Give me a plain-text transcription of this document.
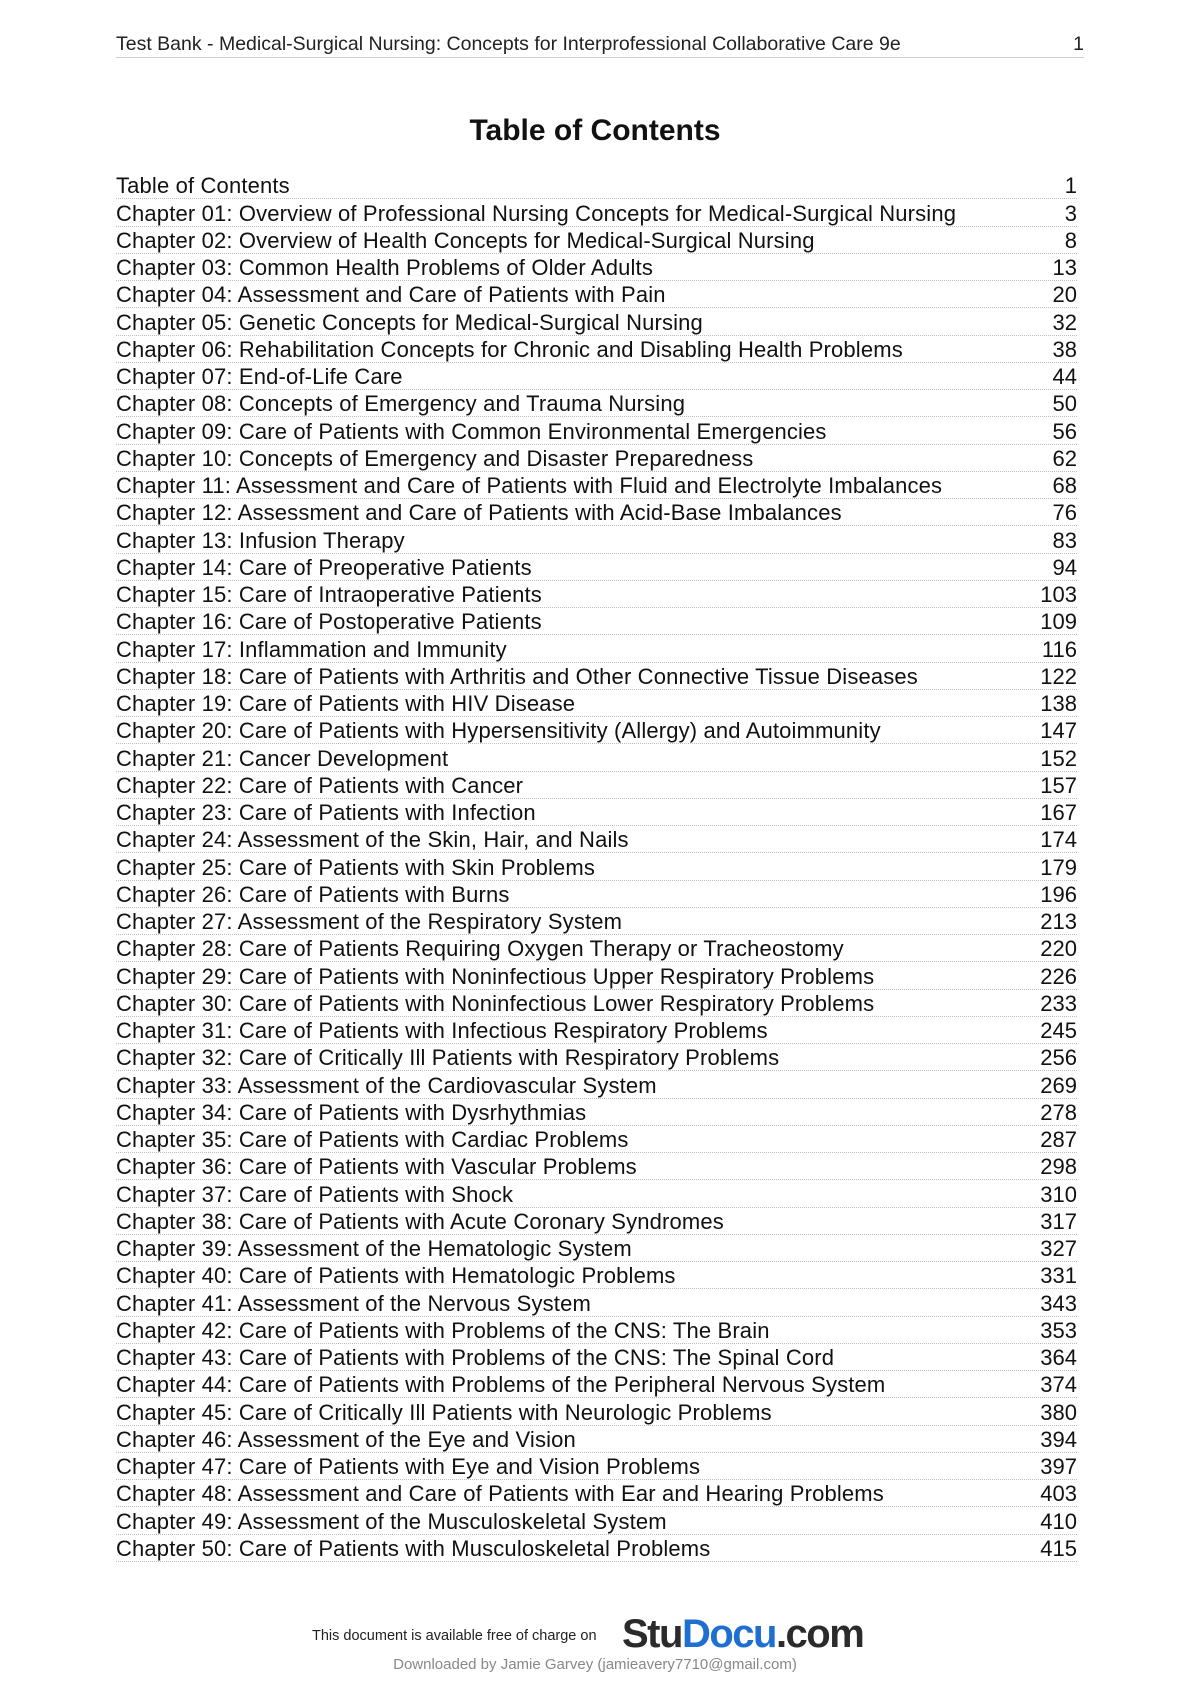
Test Bank - Medical-Surgical Nursing: Concepts for Interprofessional Collaborative Care 9e	1
Table of Contents
Table of Contents	1
Chapter 01: Overview of Professional Nursing Concepts for Medical-Surgical Nursing	3
Chapter 02: Overview of Health Concepts for Medical-Surgical Nursing	8
Chapter 03: Common Health Problems of Older Adults	13
Chapter 04: Assessment and Care of Patients with Pain	20
Chapter 05: Genetic Concepts for Medical-Surgical Nursing	32
Chapter 06: Rehabilitation Concepts for Chronic and Disabling Health Problems	38
Chapter 07: End-of-Life Care	44
Chapter 08: Concepts of Emergency and Trauma Nursing	50
Chapter 09: Care of Patients with Common Environmental Emergencies	56
Chapter 10: Concepts of Emergency and Disaster Preparedness	62
Chapter 11: Assessment and Care of Patients with Fluid and Electrolyte Imbalances	68
Chapter 12: Assessment and Care of Patients with Acid-Base Imbalances	76
Chapter 13: Infusion Therapy	83
Chapter 14: Care of Preoperative Patients	94
Chapter 15: Care of Intraoperative Patients	103
Chapter 16: Care of Postoperative Patients	109
Chapter 17: Inflammation and Immunity	116
Chapter 18: Care of Patients with Arthritis and Other Connective Tissue Diseases	122
Chapter 19: Care of Patients with HIV Disease	138
Chapter 20: Care of Patients with Hypersensitivity (Allergy) and Autoimmunity	147
Chapter 21: Cancer Development	152
Chapter 22: Care of Patients with Cancer	157
Chapter 23: Care of Patients with Infection	167
Chapter 24: Assessment of the Skin, Hair, and Nails	174
Chapter 25: Care of Patients with Skin Problems	179
Chapter 26: Care of Patients with Burns	196
Chapter 27: Assessment of the Respiratory System	213
Chapter 28: Care of Patients Requiring Oxygen Therapy or Tracheostomy	220
Chapter 29: Care of Patients with Noninfectious Upper Respiratory Problems	226
Chapter 30: Care of Patients with Noninfectious Lower Respiratory Problems	233
Chapter 31: Care of Patients with Infectious Respiratory Problems	245
Chapter 32: Care of Critically Ill Patients with Respiratory Problems	256
Chapter 33: Assessment of the Cardiovascular System	269
Chapter 34: Care of Patients with Dysrhythmias	278
Chapter 35: Care of Patients with Cardiac Problems	287
Chapter 36: Care of Patients with Vascular Problems	298
Chapter 37: Care of Patients with Shock	310
Chapter 38: Care of Patients with Acute Coronary Syndromes	317
Chapter 39: Assessment of the Hematologic System	327
Chapter 40: Care of Patients with Hematologic Problems	331
Chapter 41: Assessment of the Nervous System	343
Chapter 42: Care of Patients with Problems of the CNS: The Brain	353
Chapter 43: Care of Patients with Problems of the CNS: The Spinal Cord	364
Chapter 44: Care of Patients with Problems of the Peripheral Nervous System	374
Chapter 45: Care of Critically Ill Patients with Neurologic Problems	380
Chapter 46: Assessment of the Eye and Vision	394
Chapter 47: Care of Patients with Eye and Vision Problems	397
Chapter 48: Assessment and Care of Patients with Ear and Hearing Problems	403
Chapter 49: Assessment of the Musculoskeletal System	410
Chapter 50: Care of Patients with Musculoskeletal Problems	415
This document is available free of charge on StuDocu.com
Downloaded by Jamie Garvey (jamieavery7710@gmail.com)
